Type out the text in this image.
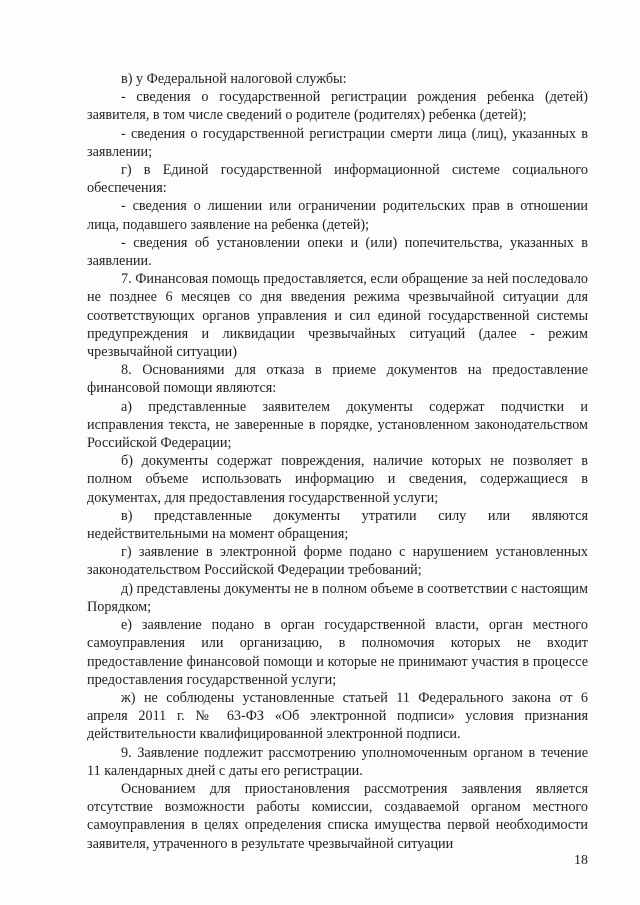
в) у Федеральной налоговой службы:

- сведения о государственной регистрации рождения ребенка (детей) заявителя, в том числе сведений о родителе (родителях) ребенка (детей);

- сведения о государственной регистрации смерти лица (лиц), указанных в заявлении;

г) в Единой государственной информационной системе социального обеспечения:

- сведения о лишении или ограничении родительских прав в отношении лица, подавшего заявление на ребенка (детей);

- сведения об установлении опеки и (или) попечительства, указанных в заявлении.

7. Финансовая помощь предоставляется, если обращение за ней последовало не позднее 6 месяцев со дня введения режима чрезвычайной ситуации для соответствующих органов управления и сил единой государственной системы предупреждения и ликвидации чрезвычайных ситуаций (далее - режим чрезвычайной ситуации)

8. Основаниями для отказа в приеме документов на предоставление финансовой помощи являются:

а) представленные заявителем документы содержат подчистки и исправления текста, не заверенные в порядке, установленном законодательством Российской Федерации;

б) документы содержат повреждения, наличие которых не позволяет в полном объеме использовать информацию и сведения, содержащиеся в документах, для предоставления государственной услуги;

в) представленные документы утратили силу или являются недействительными на момент обращения;

г) заявление в электронной форме подано с нарушением установленных законодательством Российской Федерации требований;

д) представлены документы не в полном объеме в соответствии с настоящим Порядком;

е) заявление подано в орган государственной власти, орган местного самоуправления или организацию, в полномочия которых не входит предоставление финансовой помощи и которые не принимают участия в процессе предоставления государственной услуги;

ж) не соблюдены установленные статьей 11 Федерального закона от 6 апреля 2011 г. № 63-ФЗ «Об электронной подписи» условия признания действительности квалифицированной электронной подписи.

9. Заявление подлежит рассмотрению уполномоченным органом в течение 11 календарных дней с даты его регистрации.

Основанием для приостановления рассмотрения заявления является отсутствие возможности работы комиссии, создаваемой органом местного самоуправления в целях определения списка имущества первой необходимости заявителя, утраченного в результате чрезвычайной ситуации

18
